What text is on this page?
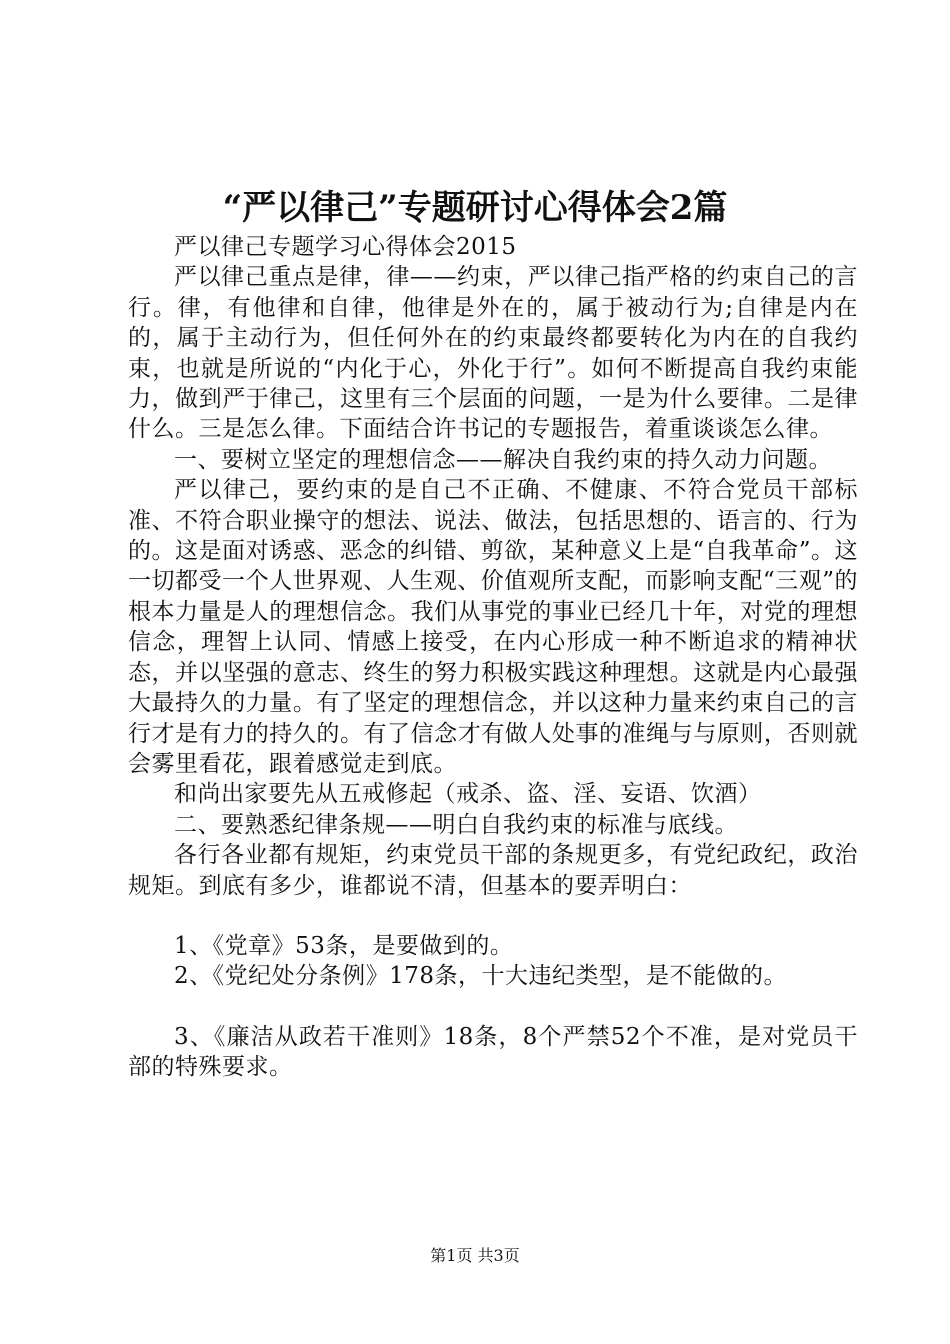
“严以律己”专题研讨心得体会2篇

严以律己专题学习心得体会2015

严以律己重点是律，律——约束，严以律己指严格的约束自己的言行。律，有他律和自律，他律是外在的，属于被动行为;自律是内在的，属于主动行为，但任何外在的约束最终都要转化为内在的自我约束，也就是所说的“内化于心，外化于行”。如何不断提高自我约束能力，做到严于律己，这里有三个层面的问题，一是为什么要律。二是律什么。三是怎么律。下面结合许书记的专题报告，着重谈谈怎么律。

一、要树立坚定的理想信念——解决自我约束的持久动力问题。

严以律己，要约束的是自己不正确、不健康、不符合党员干部标准、不符合职业操守的想法、说法、做法，包括思想的、语言的、行为的。这是面对诱惑、恶念的纠错、剪欲，某种意义上是“自我革命”。这一切都受一个人世界观、人生观、价值观所支配，而影响支配“三观”的根本力量是人的理想信念。我们从事党的事业已经几十年，对党的理想信念，理智上认同、情感上接受，在内心形成一种不断追求的精神状态，并以坚强的意志、终生的努力积极实践这种理想。这就是内心最强大最持久的力量。有了坚定的理想信念，并以这种力量来约束自己的言行才是有力的持久的。有了信念才有做人处事的准绳与与原则，否则就会雾里看花，跟着感觉走到底。

和尚出家要先从五戒修起（戒杀、盗、淫、妄语、饮酒）

二、要熟悉纪律条规——明白自我约束的标准与底线。

各行各业都有规矩，约束党员干部的条规更多，有党纪政纪，政治规矩。到底有多少，谁都说不清，但基本的要弄明白：

1、《党章》53条，是要做到的。

2、《党纪处分条例》178条，十大违纪类型，是不能做的。

3、《廉洁从政若干准则》18条，8个严禁52个不准，是对党员干部的特殊要求。

第1页 共3页
